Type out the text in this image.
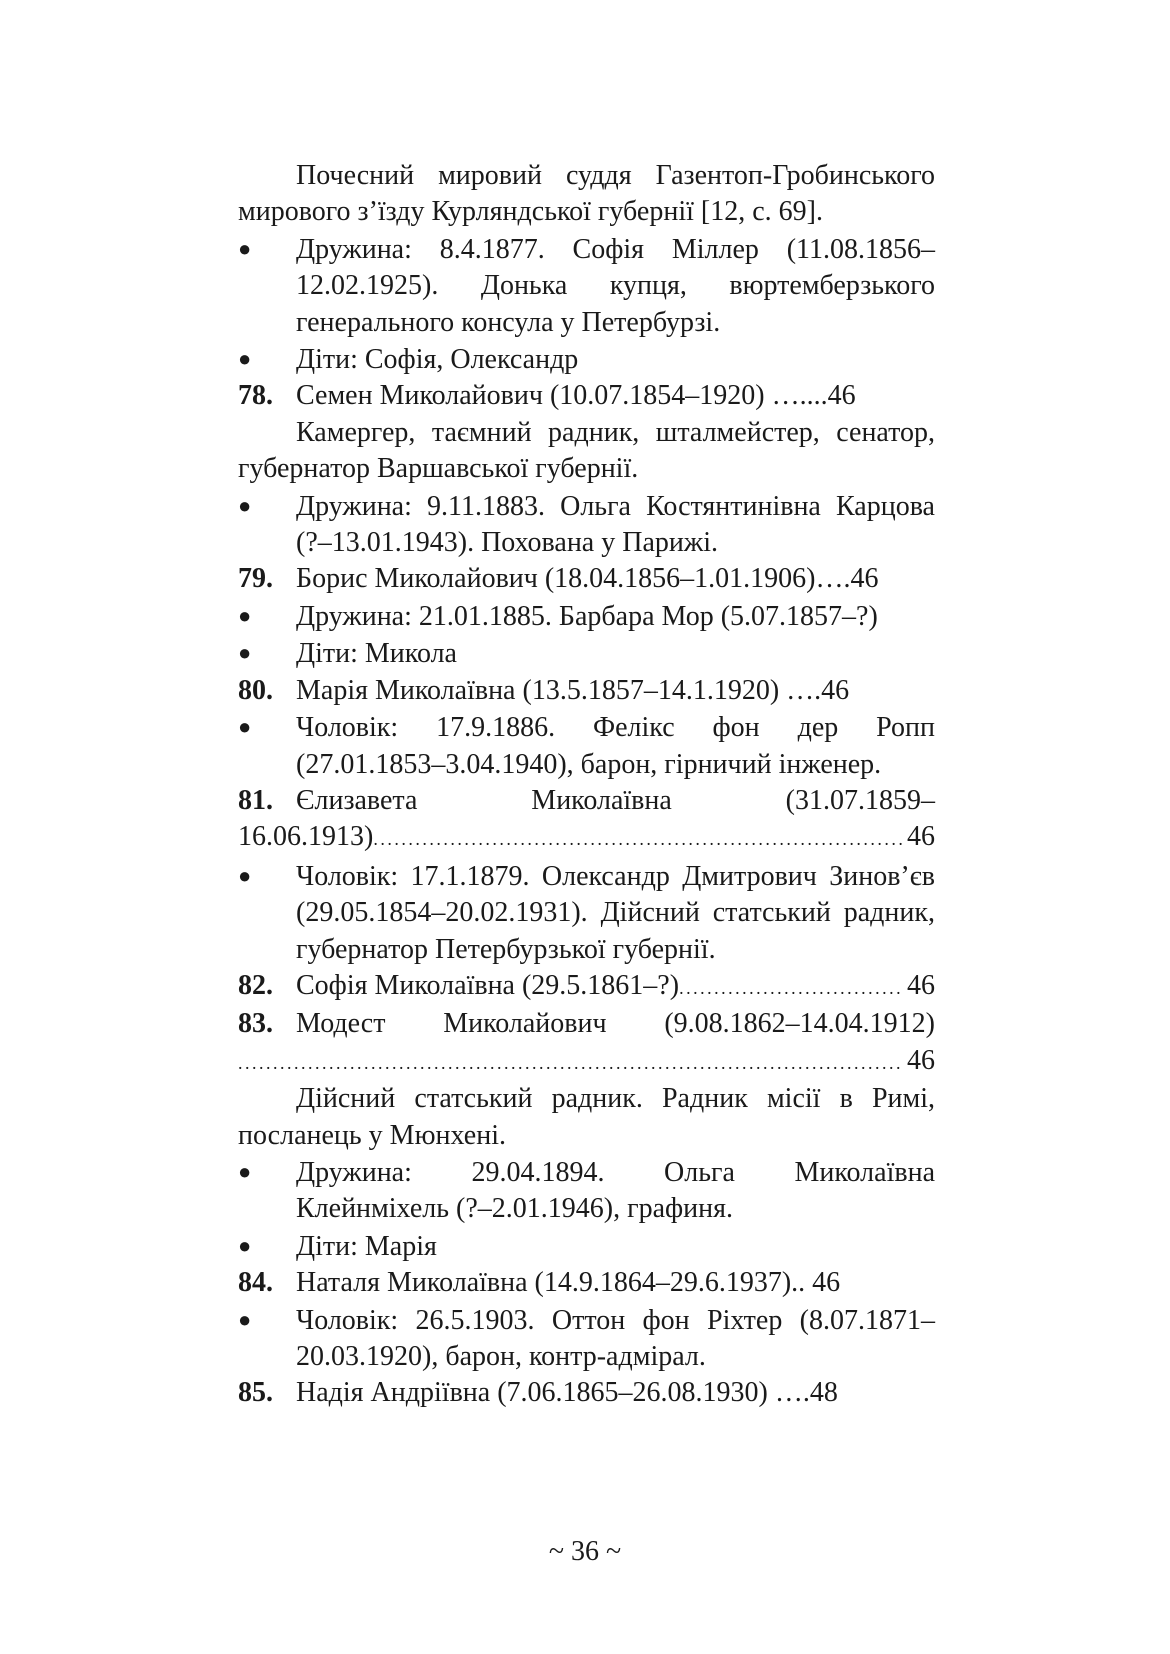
Почесний мировий суддя Газентоп-Гробинського мирового з’їзду Курляндської губернії [12, с. 69].

● Дружина: 8.4.1877. Софія Міллер (11.08.1856–12.02.1925). Донька купця, вюртемберзького генерального консула у Петербурзі.

● Діти: Софія, Олександр

78. Семен Миколайович (10.07.1854–1920) …....46

Камергер, таємний радник, шталмейстер, сенатор, губернатор Варшавської губернії.

● Дружина: 9.11.1883. Ольга Костянтинівна Карцова (?–13.01.1943). Похована у Парижі.

79. Борис Миколайович (18.04.1856–1.01.1906)….46

● Дружина: 21.01.1885. Барбара Мор (5.07.1857–?)

● Діти: Микола

80. Марія Миколаївна (13.5.1857–14.1.1920) ….46

● Чоловік: 17.9.1886. Фелікс фон дер Ропп (27.01.1853–3.04.1940), барон, гірничий інженер.

81. Єлизавета Миколаївна (31.07.1859–

16.06.1913) . . .	46

● Чоловік: 17.1.1879. Олександр Дмитрович Зинов’єв (29.05.1854–20.02.1931). Дійсний статський радник, губернатор Петербурзької губернії.

82. Софія Миколаївна (29.5.1861–?) . . .	46

83. Модест Миколайович (9.08.1862–14.04.1912)

. . .
46

Дійсний статський радник. Радник місії в Римі, посланець у Мюнхені.

● Дружина: 29.04.1894. Ольга Миколаївна Клейнміхель (?–2.01.1946), графиня.

● Діти: Марія

84. Наталя Миколаївна (14.9.1864–29.6.1937).. 46

● Чоловік: 26.5.1903. Оттон фон Ріхтер (8.07.1871–20.03.1920), барон, контр-адмірал.

85. Надія Андріївна (7.06.1865–26.08.1930) ….48

~ 36 ~
